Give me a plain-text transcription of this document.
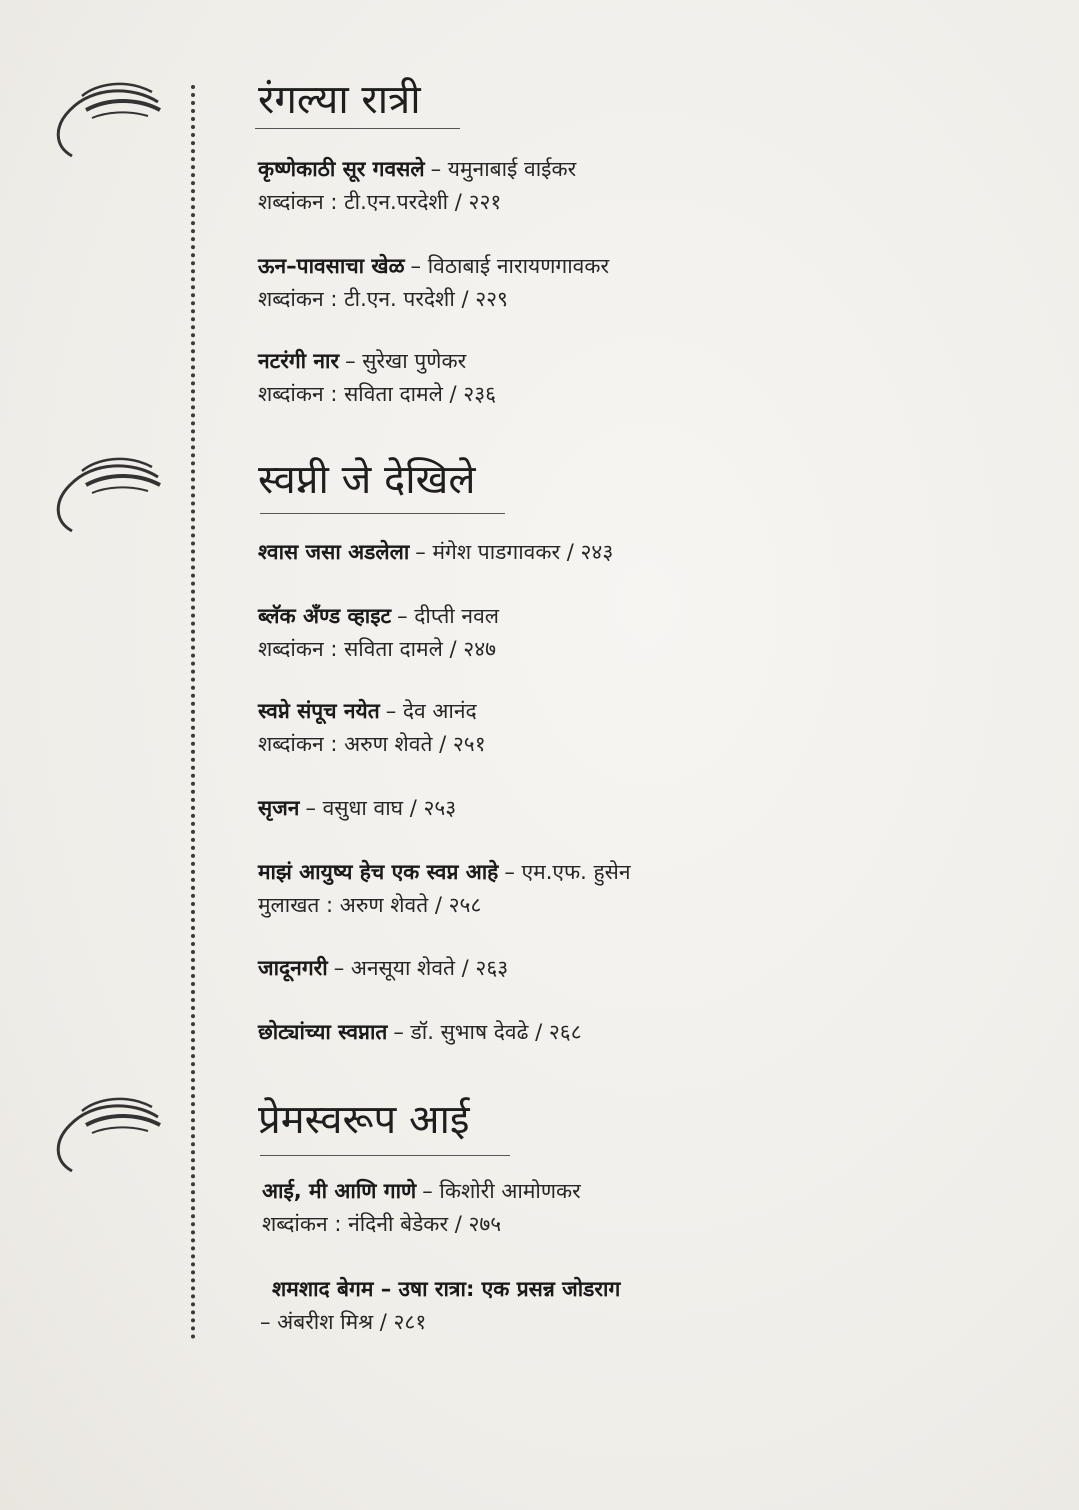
रंगल्या रात्री
कृष्णेकाठी सूर गवसले – यमुनाबाई वाईकर
शब्दांकन : टी.एन.परदेशी / २२१
ऊन–पावसाचा खेळ – विठाबाई नारायणगावकर
शब्दांकन : टी.एन. परदेशी / २२९
नटरंगी नार – सुरेखा पुणेकर
शब्दांकन : सविता दामले / २३६
स्वप्नी जे देखिले
श्वास जसा अडलेला – मंगेश पाडगावकर / २४३
ब्लॅक अँण्ड व्हाइट – दीप्ती नवल
शब्दांकन : सविता दामले / २४७
स्वप्ने संपूच नयेत – देव आनंद
शब्दांकन : अरुण शेवते / २५१
सृजन – वसुधा वाघ / २५३
माझं आयुष्य हेच एक स्वप्न आहे – एम.एफ. हुसेन
मुलाखत : अरुण शेवते / २५८
जादूनगरी – अनसूया शेवते / २६३
छोट्यांच्या स्वप्नात – डॉ. सुभाष देवढे / २६८
प्रेमस्वरूप आई
आई, मी आणि गाणे – किशोरी आमोणकर
शब्दांकन : नंदिनी बेडेकर / २७५
शमशाद बेगम – उषा रात्रा: एक प्रसन्न जोडराग
– अंबरीश मिश्र / २८१
